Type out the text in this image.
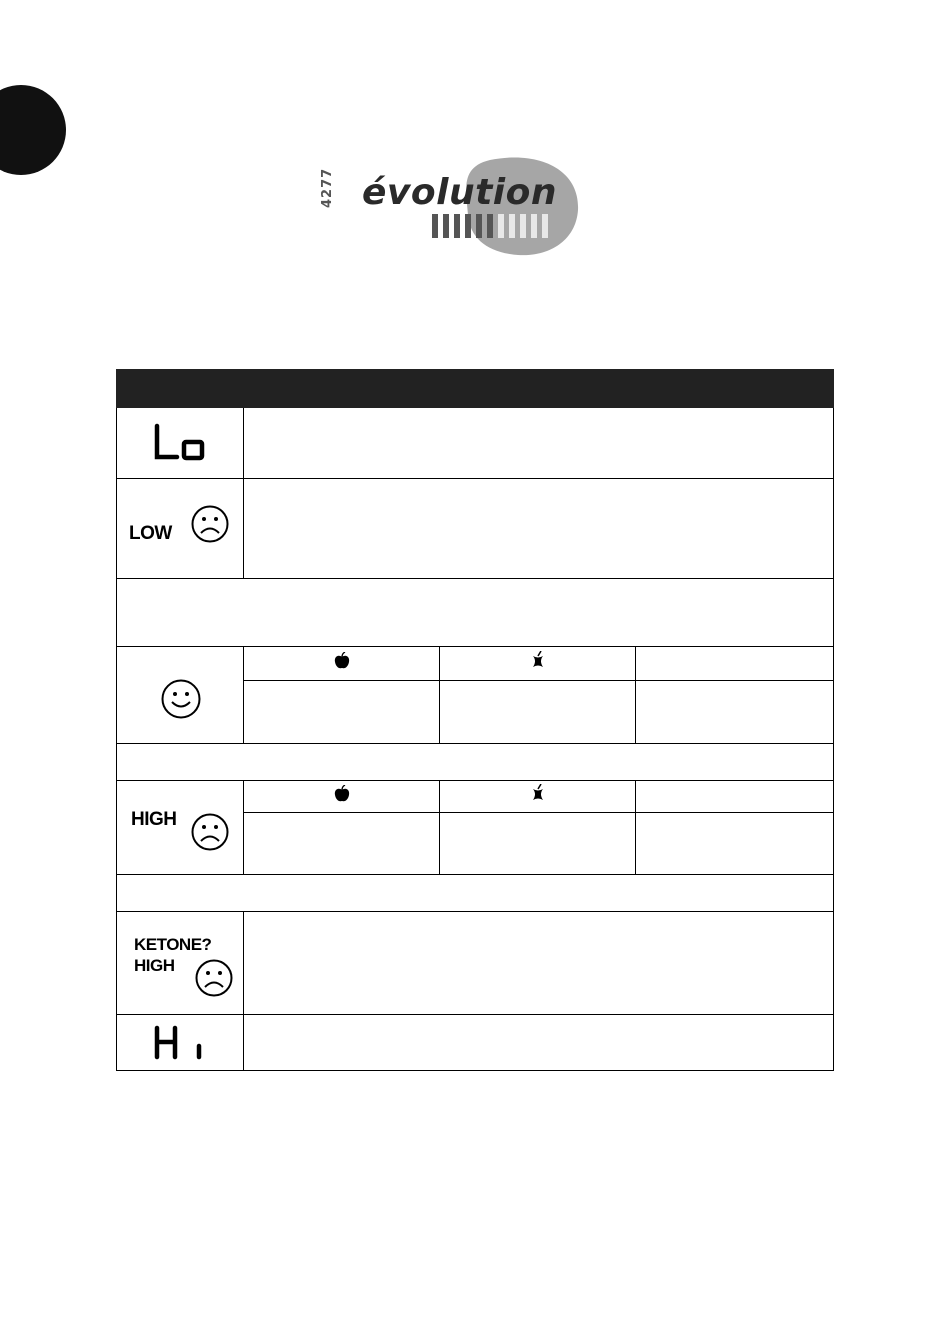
4277 évolution

LOW			

HIGH

KETONE?
HIGH			
